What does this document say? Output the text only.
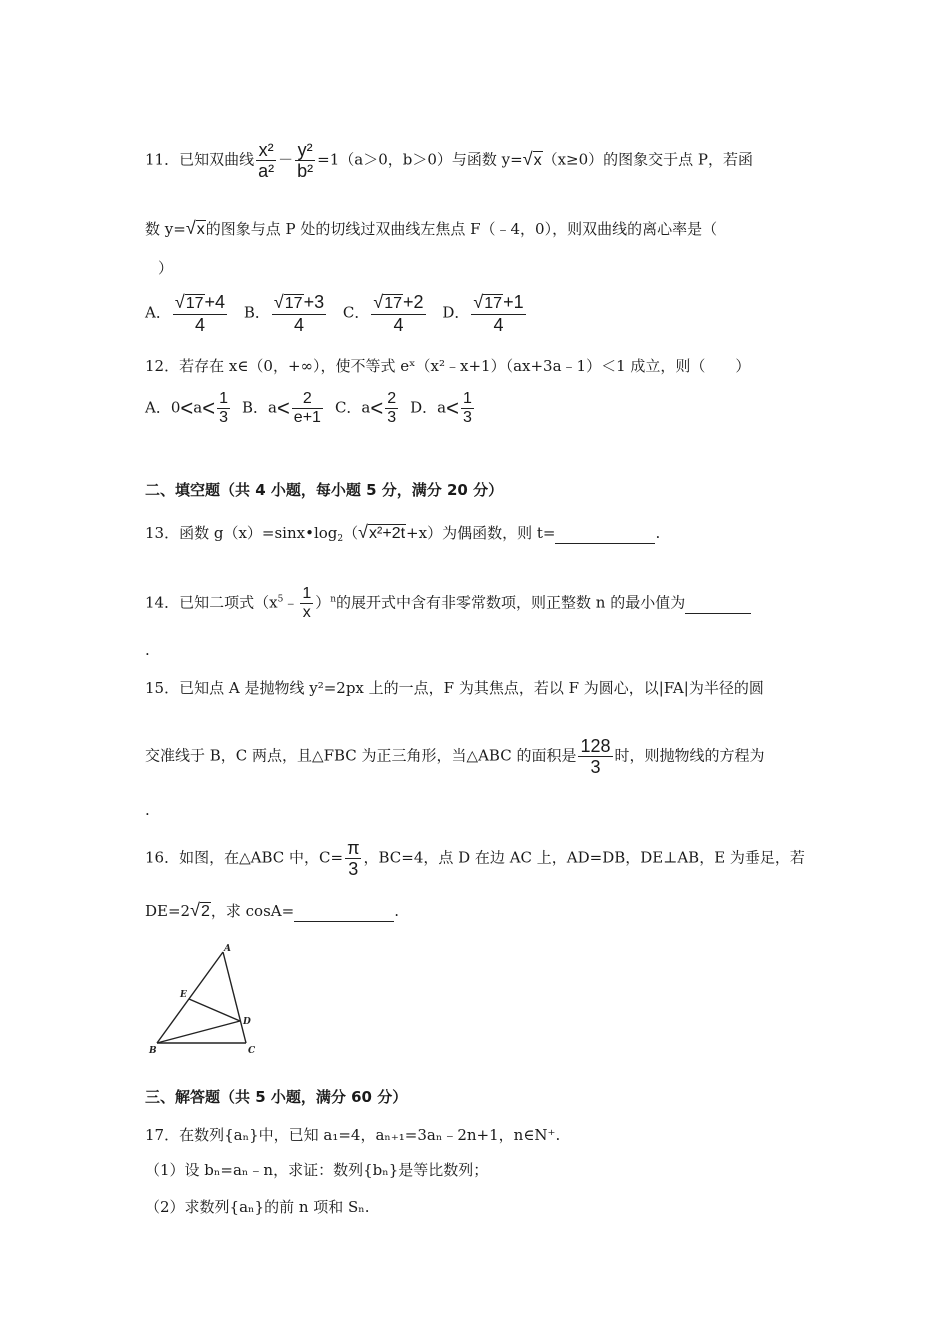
11．已知双曲线 $\frac{\text{x²}}{\text{a²}} - \frac{\text{y²}}{\text{b²}} =1(a>0$，b＞0）与函数 y=√x（x≥0）的图象交于点 P，若函
数 y=√x的图象与点 P 处的切线过双曲线左焦点 F（﹣4，0），则双曲线的离心率是（
）
A． $\frac{√17+4}{4}$ B． $\frac{√17+3}{4}$ C． $\frac{√17+2}{4}$ D． $\frac{√17+1}{4}$
12．若存在 x∈（0，+∞），使不等式 eˣ（x²﹣x+1）（ax+3a﹣1）＜1 成立，则（　　）
A．$0<a< \frac{1}{3}$ B．$a< \frac{2}{e+1}$ C．$a< \frac{2}{3}$ D．$a< \frac{1}{3}$
二、填空题（共 4 小题，每小题 5 分，满分 20 分）
13．函数 $g(x)=\sin x•\log_2(√x^2+2t+x)$为偶函数，则 t=	.
14．已知二项式$(x^5﹣ \frac{1}{x} )^n$的展开式中含有非零常数项，则正整数 n 的最小值为
.
15．已知点 A 是抛物线 y²=2px 上的一点，F 为其焦点，若以 F 为圆心，以|FA|为半径的圆
交准线于 B，C 两点，且△FBC 为正三角形，当△ABC 的面积是 $\frac{128}{3}$ 时，则抛物线的方程为
.
16．如图，在△ABC 中，$C= \frac{\pi}{3}$ ，BC=4，点 D 在边 AC 上，AD=DB，DE⊥AB，E 为垂足，若
DE=2√2，求 cosA=	.
A
B	C
D
E
三、解答题（共 5 小题，满分 60 分）
17．在数列{aₙ}中，已知 a₁=4，aₙ₊₁=3aₙ﹣2n+1，n∈N⁺.
（1）设 bₙ=aₙ﹣n，求证：数列{bₙ}是等比数列；
（2）求数列{aₙ}的前 n 项和 Sₙ.
